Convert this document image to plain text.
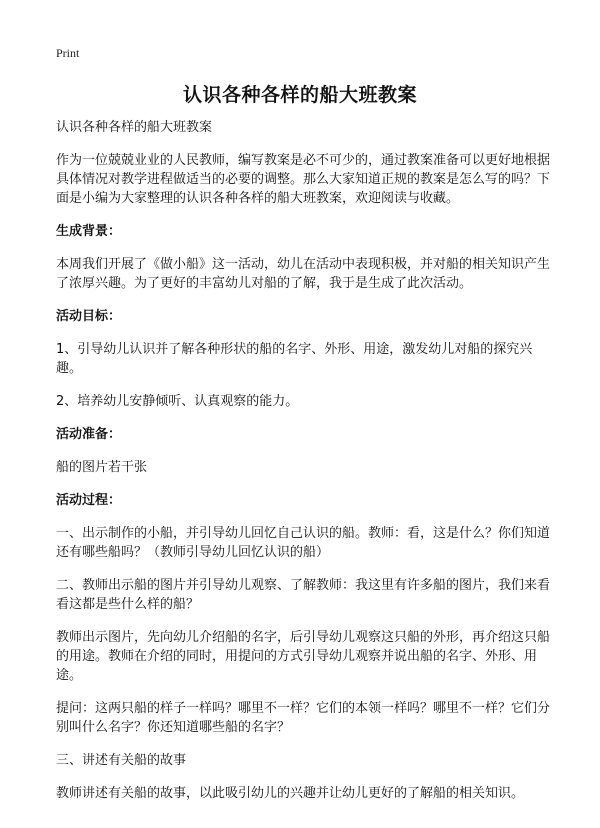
Print
认识各种各样的船大班教案

认识各种各样的船大班教案

作为一位兢兢业业的人民教师，编写教案是必不可少的，通过教案准备可以更好地根据具体情况对教学进程做适当的必要的调整。那么大家知道正规的教案是怎么写的吗？下面是小编为大家整理的认识各种各样的船大班教案，欢迎阅读与收藏。

生成背景：

本周我们开展了《做小船》这一活动，幼儿在活动中表现积极，并对船的相关知识产生了浓厚兴趣。为了更好的丰富幼儿对船的了解，我于是生成了此次活动。

活动目标：

1、引导幼儿认识并了解各种形状的船的名字、外形、用途，激发幼儿对船的探究兴趣。

2、培养幼儿安静倾听、认真观察的能力。

活动准备：

船的图片若干张

活动过程：

一、出示制作的小船，并引导幼儿回忆自己认识的船。教师：看，这是什么？你们知道还有哪些船吗？（教师引导幼儿回忆认识的船）

二、教师出示船的图片并引导幼儿观察、了解教师：我这里有许多船的图片，我们来看看这都是些什么样的船？

教师出示图片，先向幼儿介绍船的名字，后引导幼儿观察这只船的外形，再介绍这只船的用途。教师在介绍的同时，用提问的方式引导幼儿观察并说出船的名字、外形、用途。

提问：这两只船的样子一样吗？哪里不一样？它们的本领一样吗？哪里不一样？它们分别叫什么名字？你还知道哪些船的名字？

三、讲述有关船的故事

教师讲述有关船的故事，以此吸引幼儿的兴趣并让幼儿更好的了解船的相关知识。
